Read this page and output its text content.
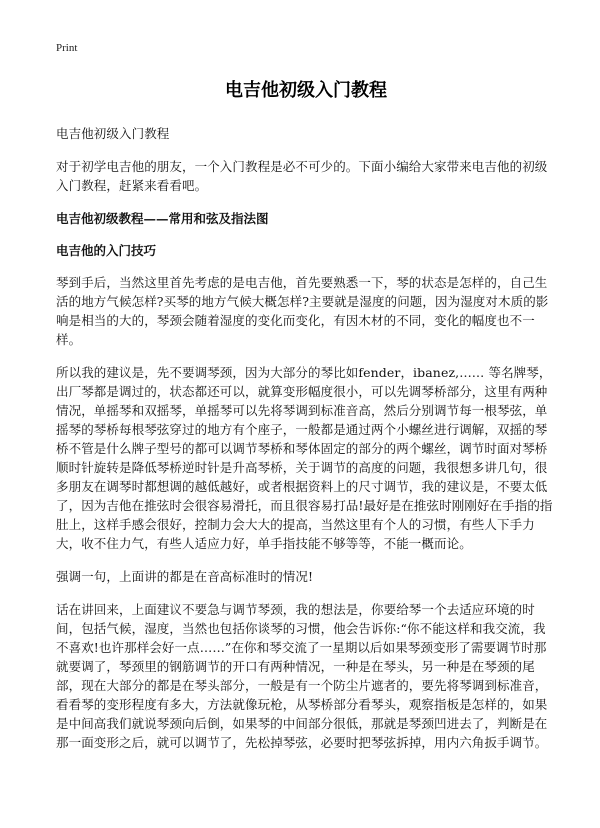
Print
电吉他初级入门教程

电吉他初级入门教程

对于初学电吉他的朋友，一个入门教程是必不可少的。下面小编给大家带来电吉他的初级入门教程，赶紧来看看吧。

电吉他初级教程——常用和弦及指法图
电吉他的入门技巧

琴到手后，当然这里首先考虑的是电吉他，首先要熟悉一下，琴的状态是怎样的，自己生活的地方气候怎样?买琴的地方气候大概怎样?主要就是湿度的问题，因为湿度对木质的影响是相当的大的，琴颈会随着湿度的变化而变化，有因木材的不同，变化的幅度也不一样。

所以我的建议是，先不要调琴颈，因为大部分的琴比如fender，ibanez,…… 等名牌琴，出厂琴都是调过的，状态都还可以，就算变形幅度很小，可以先调琴桥部分，这里有两种情况，单摇琴和双摇琴，单摇琴可以先将琴调到标准音高，然后分别调节每一根琴弦，单摇琴的琴桥每根琴弦穿过的地方有个座子，一般都是通过两个小螺丝进行调解，双摇的琴桥不管是什么牌子型号的都可以调节琴桥和琴体固定的部分的两个螺丝，调节时面对琴桥顺时针旋转是降低琴桥逆时针是升高琴桥，关于调节的高度的问题，我很想多讲几句，很多朋友在调琴时都想调的越低越好，或者根据资料上的尺寸调节，我的建议是，不要太低了，因为吉他在推弦时会很容易滑托，而且很容易打品!最好是在推弦时刚刚好在手指的指肚上，这样手感会很好，控制力会大大的提高，当然这里有个人的习惯，有些人下手力大，收不住力气，有些人适应力好，单手指技能不够等等，不能一概而论。

强调一句，上面讲的都是在音高标准时的情况!

话在讲回来，上面建议不要急与调节琴颈，我的想法是，你要给琴一个去适应环境的时间，包括气候，湿度，当然也包括你谈琴的习惯，他会告诉你:“你不能这样和我交流，我不喜欢!也许那样会好一点……”在你和琴交流了一星期以后如果琴颈变形了需要调节时那就要调了，琴颈里的钢筋调节的开口有两种情况，一种是在琴头，另一种是在琴颈的尾部，现在大部分的都是在琴头部分，一般是有一个防尘片遮者的，要先将琴调到标准音，看看琴的变形程度有多大，方法就像玩枪，从琴桥部分看琴头，观察指板是怎样的，如果是中间高我们就说琴颈向后倒，如果琴的中间部分很低，那就是琴颈凹进去了，判断是在那一面变形之后，就可以调节了，先松掉琴弦，必要时把琴弦拆掉，用内六角扳手调节。
